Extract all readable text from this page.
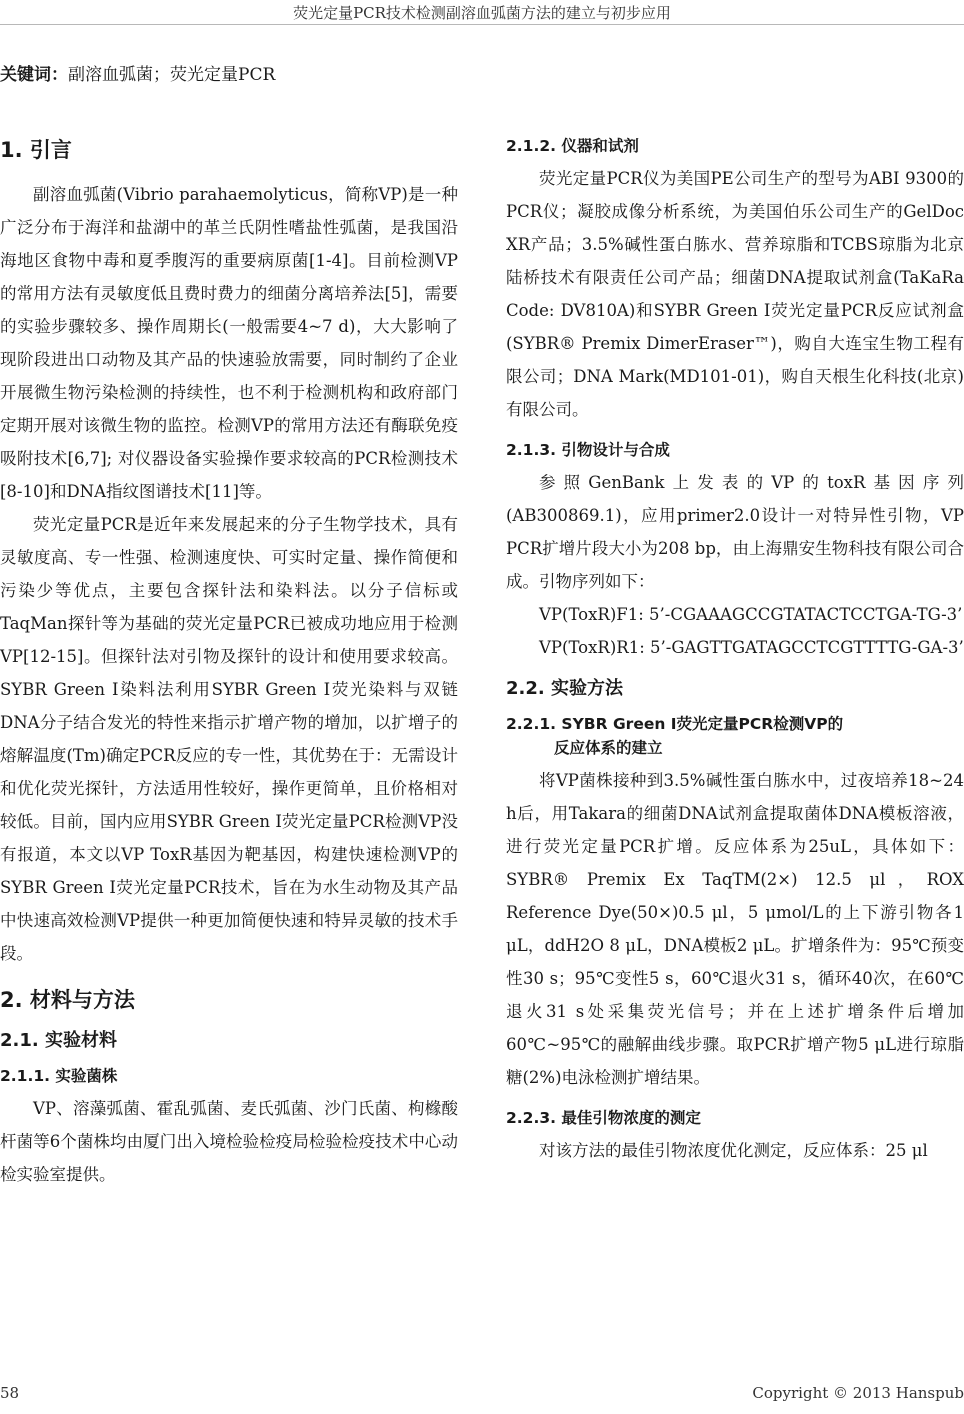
荧光定量PCR技术检测副溶血弧菌方法的建立与初步应用
关键词：副溶血弧菌；荧光定量PCR
1. 引言

副溶血弧菌(Vibrio parahaemolyticus，简称VP)是一种广泛分布于海洋和盐湖中的革兰氏阴性嗜盐性弧菌，是我国沿海地区食物中毒和夏季腹泻的重要病原菌[1-4]。目前检测VP的常用方法有灵敏度低且费时费力的细菌分离培养法[5]，需要的实验步骤较多、操作周期长(一般需要4~7 d)，大大影响了现阶段进出口动物及其产品的快速验放需要，同时制约了企业开展微生物污染检测的持续性，也不利于检测机构和政府部门定期开展对该微生物的监控。检测VP的常用方法还有酶联免疫吸附技术[6,7]; 对仪器设备实验操作要求较高的PCR检测技术[8-10]和DNA指纹图谱技术[11]等。

荧光定量PCR是近年来发展起来的分子生物学技术，具有灵敏度高、专一性强、检测速度快、可实时定量、操作简便和污染少等优点，主要包含探针法和染料法。以分子信标或TaqMan探针等为基础的荧光定量PCR已被成功地应用于检测VP[12-15]。但探针法对引物及探针的设计和使用要求较高。SYBR Green I染料法利用SYBR Green I荧光染料与双链DNA分子结合发光的特性来指示扩增产物的增加，以扩增子的熔解温度(Tm)确定PCR反应的专一性，其优势在于：无需设计和优化荧光探针，方法适用性较好，操作更简单，且价格相对较低。目前，国内应用SYBR Green I荧光定量PCR检测VP没有报道，本文以VP ToxR基因为靶基因，构建快速检测VP的SYBR Green I荧光定量PCR技术，旨在为水生动物及其产品中快速高效检测VP提供一种更加简便快速和特异灵敏的技术手段。

2. 材料与方法
2.1. 实验材料
2.1.1. 实验菌株

VP、溶藻弧菌、霍乱弧菌、麦氏弧菌、沙门氏菌、枸橼酸杆菌等6个菌株均由厦门出入境检验检疫局检验检疫技术中心动检实验室提供。

2.1.2. 仪器和试剂

荧光定量PCR仪为美国PE公司生产的型号为ABI 9300的PCR仪；凝胶成像分析系统，为美国伯乐公司生产的GelDoc XR产品；3.5%碱性蛋白胨水、营养琼脂和TCBS琼脂为北京陆桥技术有限责任公司产品；细菌DNA提取试剂盒(TaKaRa Code: DV810A)和SYBR Green I荧光定量PCR反应试剂盒(SYBR® Premix DimerEraser™)，购自大连宝生物工程有限公司；DNA Mark(MD101-01)，购自天根生化科技(北京)有限公司。

2.1.3. 引物设计与合成

参照GenBank上发表的VP的toxR基因序列(AB300869.1)，应用primer2.0设计一对特异性引物，VP PCR扩增片段大小为208 bp，由上海鼎安生物科技有限公司合成。引物序列如下：

VP(ToxR)F1: 5’-CGAAAGCCGTATACTCCTGA-TG-3’

VP(ToxR)R1: 5’-GAGTTGATAGCCTCGTTTTG-GA-3’

2.2. 实验方法
2.2.1. SYBR Green I荧光定量PCR检测VP的
反应体系的建立

将VP菌株接种到3.5%碱性蛋白胨水中，过夜培养18~24 h后，用Takara的细菌DNA试剂盒提取菌体DNA模板溶液，进行荧光定量PCR扩增。反应体系为25uL，具体如下：SYBR® Premix Ex TaqTM(2×) 12.5 μl，ROX Reference Dye(50×)0.5 μl，5 μmol/L的上下游引物各1 μL，ddH2O 8 μL，DNA模板2 μL。扩增条件为：95℃预变性30 s；95℃变性5 s，60℃退火31 s，循环40次，在60℃退火31 s处采集荧光信号；并在上述扩增条件后增加60℃~95℃的融解曲线步骤。取PCR扩增产物5 μL进行琼脂糖(2%)电泳检测扩增结果。

2.2.3. 最佳引物浓度的测定

对该方法的最佳引物浓度优化测定，反应体系：25 μl

58	Copyright © 2013 Hanspub
